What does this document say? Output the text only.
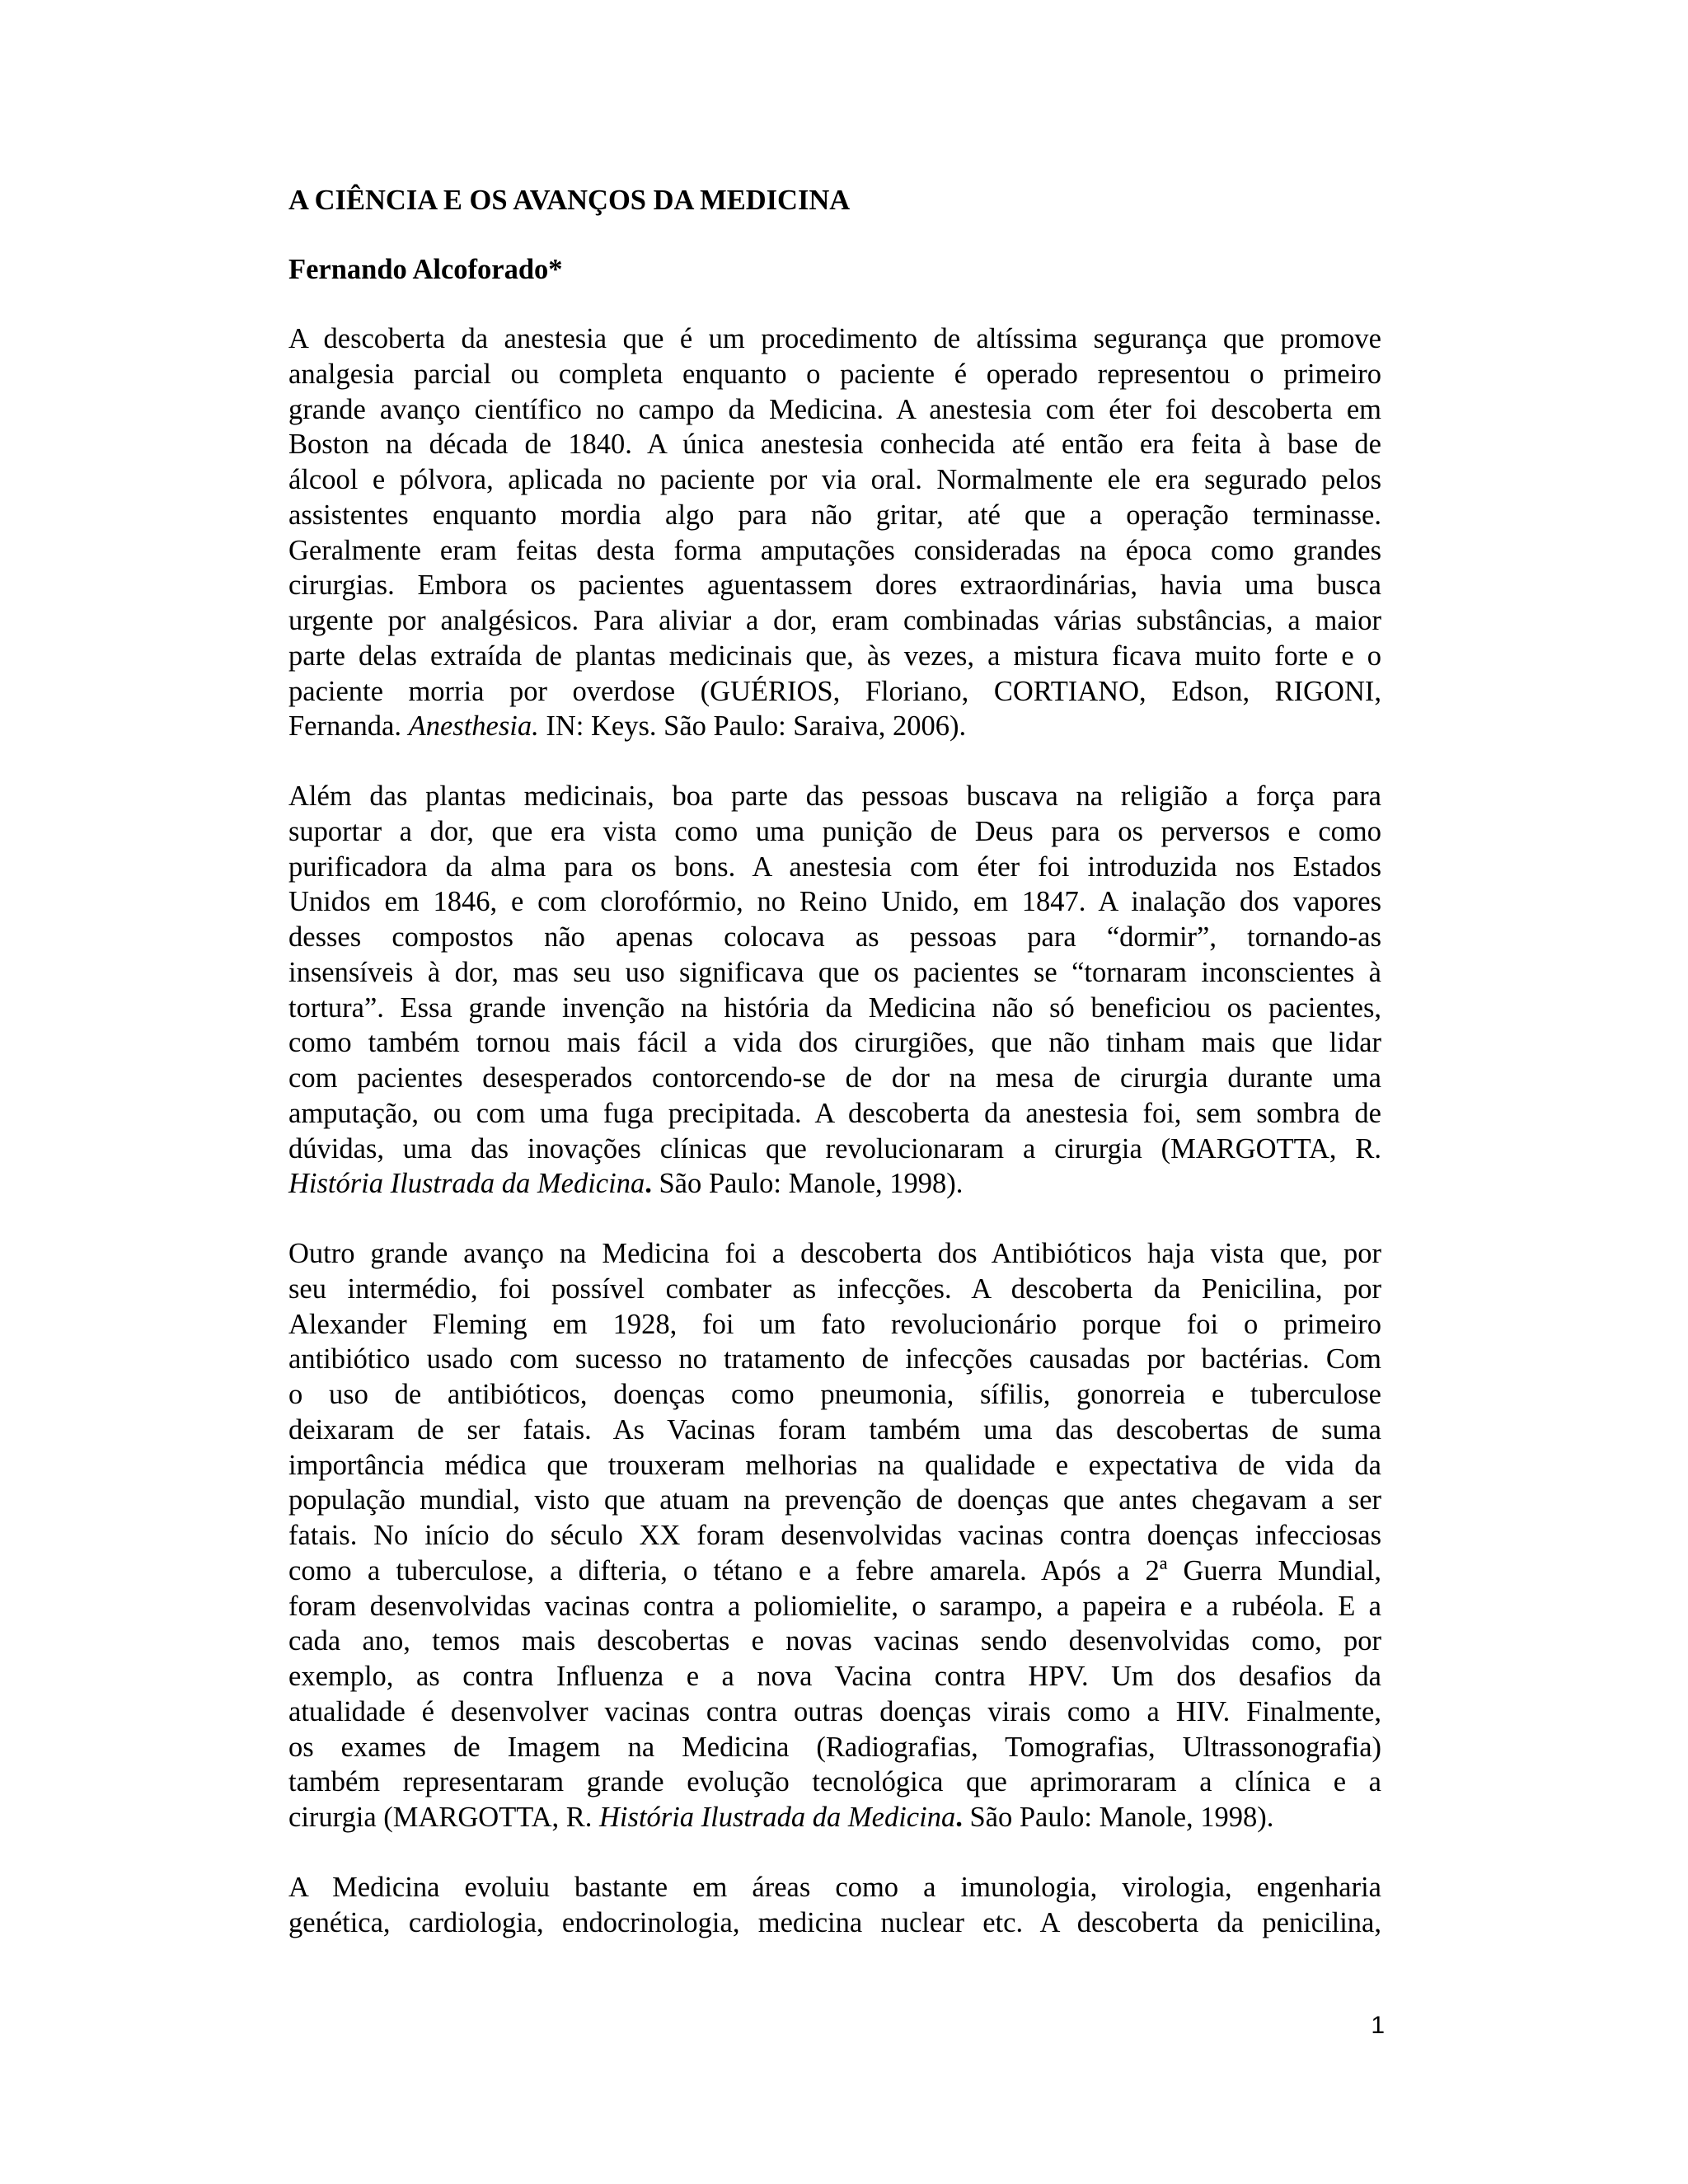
A CIÊNCIA E OS AVANÇOS DA MEDICINA
Fernando Alcoforado*
A descoberta da anestesia que é um procedimento de altíssima segurança que promove
analgesia parcial ou completa enquanto o paciente é operado representou o primeiro
grande avanço científico no campo da Medicina. A anestesia com éter foi descoberta em
Boston na década de 1840. A única anestesia conhecida até então era feita à base de
álcool e pólvora, aplicada no paciente por via oral. Normalmente ele era segurado pelos
assistentes enquanto mordia algo para não gritar, até que a operação terminasse.
Geralmente eram feitas desta forma amputações consideradas na época como grandes
cirurgias. Embora os pacientes aguentassem dores extraordinárias, havia uma busca
urgente por analgésicos. Para aliviar a dor, eram combinadas várias substâncias, a maior
parte delas extraída de plantas medicinais que, às vezes, a mistura ficava muito forte e o
paciente morria por overdose (GUÉRIOS, Floriano, CORTIANO, Edson, RIGONI,
Fernanda. Anesthesia. IN: Keys. São Paulo: Saraiva, 2006).
Além das plantas medicinais, boa parte das pessoas buscava na religião a força para
suportar a dor, que era vista como uma punição de Deus para os perversos e como
purificadora da alma para os bons. A anestesia com éter foi introduzida nos Estados
Unidos em 1846, e com clorofórmio, no Reino Unido, em 1847. A inalação dos vapores
desses compostos não apenas colocava as pessoas para “dormir”, tornando-as
insensíveis à dor, mas seu uso significava que os pacientes se “tornaram inconscientes à
tortura”. Essa grande invenção na história da Medicina não só beneficiou os pacientes,
como também tornou mais fácil a vida dos cirurgiões, que não tinham mais que lidar
com pacientes desesperados contorcendo-se de dor na mesa de cirurgia durante uma
amputação, ou com uma fuga precipitada. A descoberta da anestesia foi, sem sombra de
dúvidas, uma das inovações clínicas que revolucionaram a cirurgia (MARGOTTA, R.
História Ilustrada da Medicina. São Paulo: Manole, 1998).
Outro grande avanço na Medicina foi a descoberta dos Antibióticos haja vista que, por
seu intermédio, foi possível combater as infecções. A descoberta da Penicilina, por
Alexander Fleming em 1928, foi um fato revolucionário porque foi o primeiro
antibiótico usado com sucesso no tratamento de infecções causadas por bactérias. Com
o uso de antibióticos, doenças como pneumonia, sífilis, gonorreia e tuberculose
deixaram de ser fatais. As Vacinas foram também uma das descobertas de suma
importância médica que trouxeram melhorias na qualidade e expectativa de vida da
população mundial, visto que atuam na prevenção de doenças que antes chegavam a ser
fatais. No início do século XX foram desenvolvidas vacinas contra doenças infecciosas
como a tuberculose, a difteria, o tétano e a febre amarela. Após a 2ª Guerra Mundial,
foram desenvolvidas vacinas contra a poliomielite, o sarampo, a papeira e a rubéola. E a
cada ano, temos mais descobertas e novas vacinas sendo desenvolvidas como, por
exemplo, as contra Influenza e a nova Vacina contra HPV. Um dos desafios da
atualidade é desenvolver vacinas contra outras doenças virais como a HIV. Finalmente,
os exames de Imagem na Medicina (Radiografias, Tomografias, Ultrassonografia)
também representaram grande evolução tecnológica que aprimoraram a clínica e a
cirurgia (MARGOTTA, R. História Ilustrada da Medicina. São Paulo: Manole, 1998).
A Medicina evoluiu bastante em áreas como a imunologia, virologia, engenharia
genética, cardiologia, endocrinologia, medicina nuclear etc. A descoberta da penicilina,
1
